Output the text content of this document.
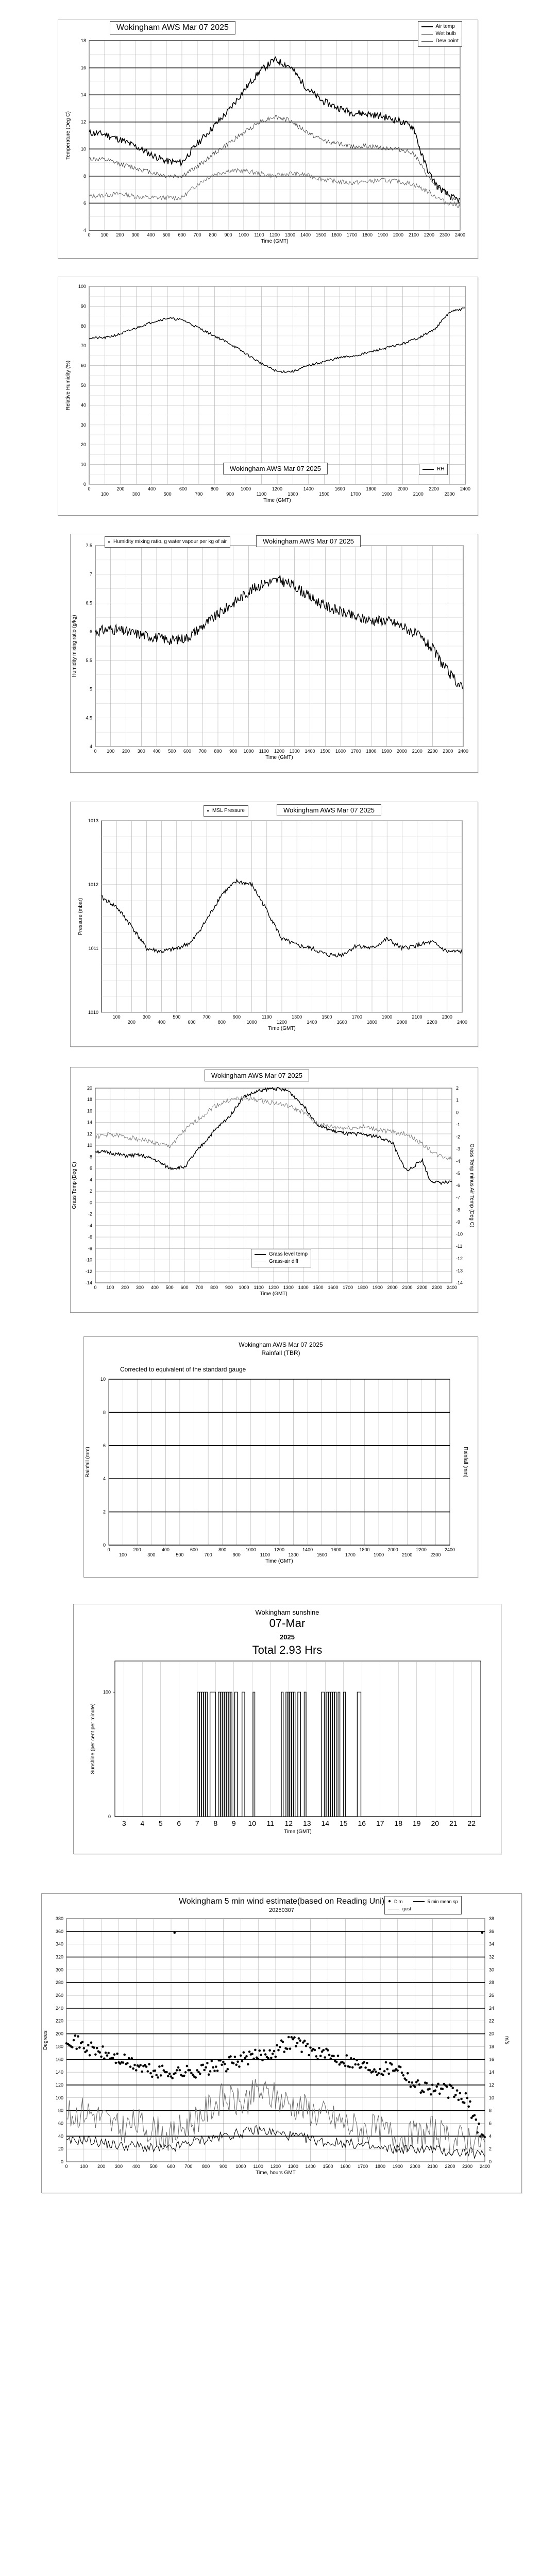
0 100 200 300 400 500 600 700 800 900 1000 1100 1200 1300 1400 1500 1600 1700 1800 1900 2000 2100 2200 2300 2400
4
6
8
10
12
14
16
18
Time (GMT)
Temperature (Deg C)
Wokingham AWS Mar 07 2025	Air temp
Wet bulb
Dew point
0
100
200
300
400
500
600
700
800
900
1000
1100
1200
1300
1400
1500
1600
1700
1800
1900
2000
2100
2200
2300
2400
0
10
20
30
40
50
60
70
80
90
100
Time (GMT)
Relative Humidity (%)
Wokingham AWS Mar 07 2025	RH
0 100 200 300 400 500 600 700 800 900 1000 1100 1200 1300 1400 1500 1600 1700 1800 1900 2000 2100 2200 2300 2400
4
4.5
5
5.5
6
6.5
7
7.5
Time (GMT)
Humidity mixing ratio (g/kg)
Humidity mixing ratio, g water vapour per kg of air	Wokingham AWS Mar 07 2025
100
200
300
400
500
600
700
800
900
1000
1100
1200
1300
1400
1500
1600
1700
1800
1900
2000
2100
2200
2300
2400
1010
1011
1012
1013
Time (GMT)
Pressure (mbar)
MSL Pressure	Wokingham AWS Mar 07 2025
0 100 200 300 400 500 600 700 800 900 1000 1100 1200 1300 1400 1500 1600 1700 1800 1900 2000 2100 2200 2300 2400
-14
-12
-10
-8
-6
-4
-2
0
2
4
6
8
10
12
14
16
18
20
Time (GMT)
Grass Temp (Deg C)
-14
-13
-12
-11
-10
-9
-8
-7
-6
-5
-4
-3
-2
-1
0
1
2
Grass Temp minus Air Temp (Deg C)
Wokingham AWS Mar 07 2025
Grass level temp
Grass-air diff
0
100
200
300
400
500
600
700
800
900
1000
1100
1200
1300
1400
1500
1600
1700
1800
1900
2000
2100
2200
2300
2400
0
2
4
6
8
10
Time (GMT)
Rainfall (mm)	Rainfall (mm)
Wokingham AWS Mar 07 2025
Rainfall (TBR)
Corrected to equivalent of the standard gauge
3 4 5 6 7 8 9 10 11 12 13 14 15 16 17 18 19 20 21 22
0
100
Time (GMT)
Sunshine (per cent per minute)
Wokingham sunshine
07-Mar
2025
Total 2.93 Hrs
0	100 200 300 400 500 600 700 800 900 1000 1100 1200 1300 1400 1500 1600 1700 1800 1900 2000 2100 2200 2300 2400
0
20
40
60
80
100
120
140
160
180
200
220
240
260
280
300
320
340
360
380
Time, hours GMT
Degrees
0
2
4
6
8
10
12
14
16
18
20
22
24
26
28
30
32
34
36
38
m/s
Wokingham 5 min wind estimate(based on Reading Uni)
20250307
● Dirn	5 min mean sp
gust
